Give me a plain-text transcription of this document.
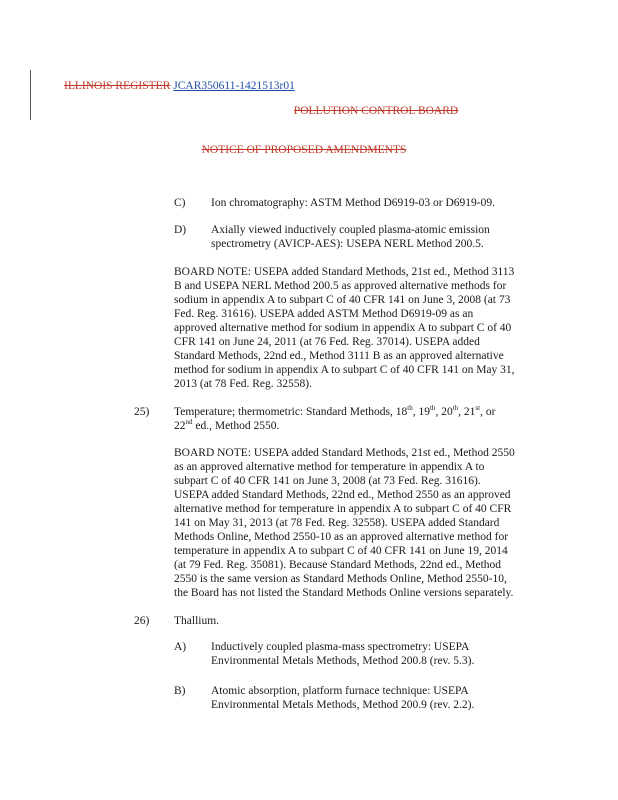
ILLINOIS REGISTER JCAR350611-1421513r01
POLLUTION CONTROL BOARD
NOTICE OF PROPOSED AMENDMENTS
C) Ion chromatography: ASTM Method D6919-03 or D6919-09.
D) Axially viewed inductively coupled plasma-atomic emission
spectrometry (AVICP-AES): USEPA NERL Method 200.5.
BOARD NOTE: USEPA added Standard Methods, 21st ed., Method 3113
B and USEPA NERL Method 200.5 as approved alternative methods for
sodium in appendix A to subpart C of 40 CFR 141 on June 3, 2008 (at 73
Fed. Reg. 31616). USEPA added ASTM Method D6919-09 as an
approved alternative method for sodium in appendix A to subpart C of 40
CFR 141 on June 24, 2011 (at 76 Fed. Reg. 37014). USEPA added
Standard Methods, 22nd ed., Method 3111 B as an approved alternative
method for sodium in appendix A to subpart C of 40 CFR 141 on May 31,
2013 (at 78 Fed. Reg. 32558).
25) Temperature; thermometric: Standard Methods, 18th, 19th, 20th, 21st, or
22nd ed., Method 2550.
BOARD NOTE: USEPA added Standard Methods, 21st ed., Method 2550
as an approved alternative method for temperature in appendix A to
subpart C of 40 CFR 141 on June 3, 2008 (at 73 Fed. Reg. 31616).
USEPA added Standard Methods, 22nd ed., Method 2550 as an approved
alternative method for temperature in appendix A to subpart C of 40 CFR
141 on May 31, 2013 (at 78 Fed. Reg. 32558). USEPA added Standard
Methods Online, Method 2550-10 as an approved alternative method for
temperature in appendix A to subpart C of 40 CFR 141 on June 19, 2014
(at 79 Fed. Reg. 35081). Because Standard Methods, 22nd ed., Method
2550 is the same version as Standard Methods Online, Method 2550-10,
the Board has not listed the Standard Methods Online versions separately.
26) Thallium.
A) Inductively coupled plasma-mass spectrometry: USEPA
Environmental Metals Methods, Method 200.8 (rev. 5.3).
B) Atomic absorption, platform furnace technique: USEPA
Environmental Metals Methods, Method 200.9 (rev. 2.2).
